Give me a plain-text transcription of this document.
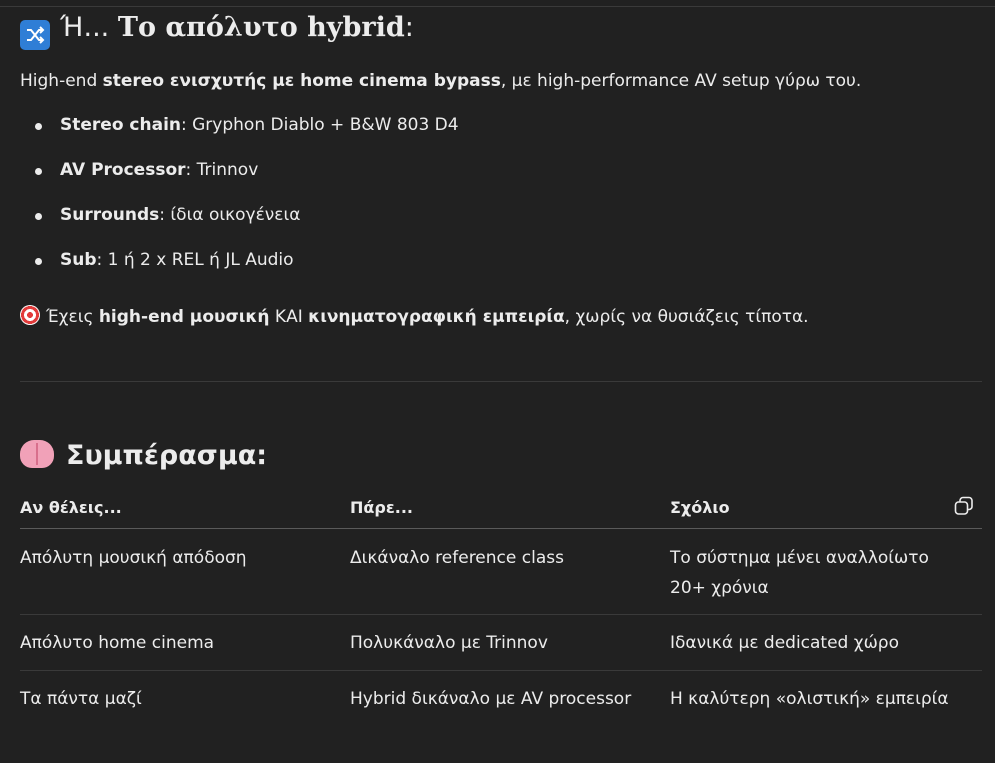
Ή... Το απόλυτο hybrid:

High-end stereo ενισχυτής με home cinema bypass, με high-performance AV setup γύρω του.

Stereo chain: Gryphon Diablo + B&W 803 D4
AV Processor: Trinnov
Surrounds: ίδια οικογένεια
Sub: 1 ή 2 x REL ή JL Audio

Έχεις high-end μουσική ΚΑΙ κινηματογραφική εμπειρία, χωρίς να θυσιάζεις τίποτα.

Συμπέρασμα:
Αν θέλεις...	Πάρε...	Σχόλιο
Απόλυτη μουσική απόδοση	Δικάναλο reference class	Το σύστημα μένει αναλλοίωτο 20+ χρόνια
Απόλυτο home cinema	Πολυκάναλο με Trinnov	Ιδανικά με dedicated χώρο
Τα πάντα μαζί	Hybrid δικάναλο με AV processor	Η καλύτερη «ολιστική» εμπειρία
